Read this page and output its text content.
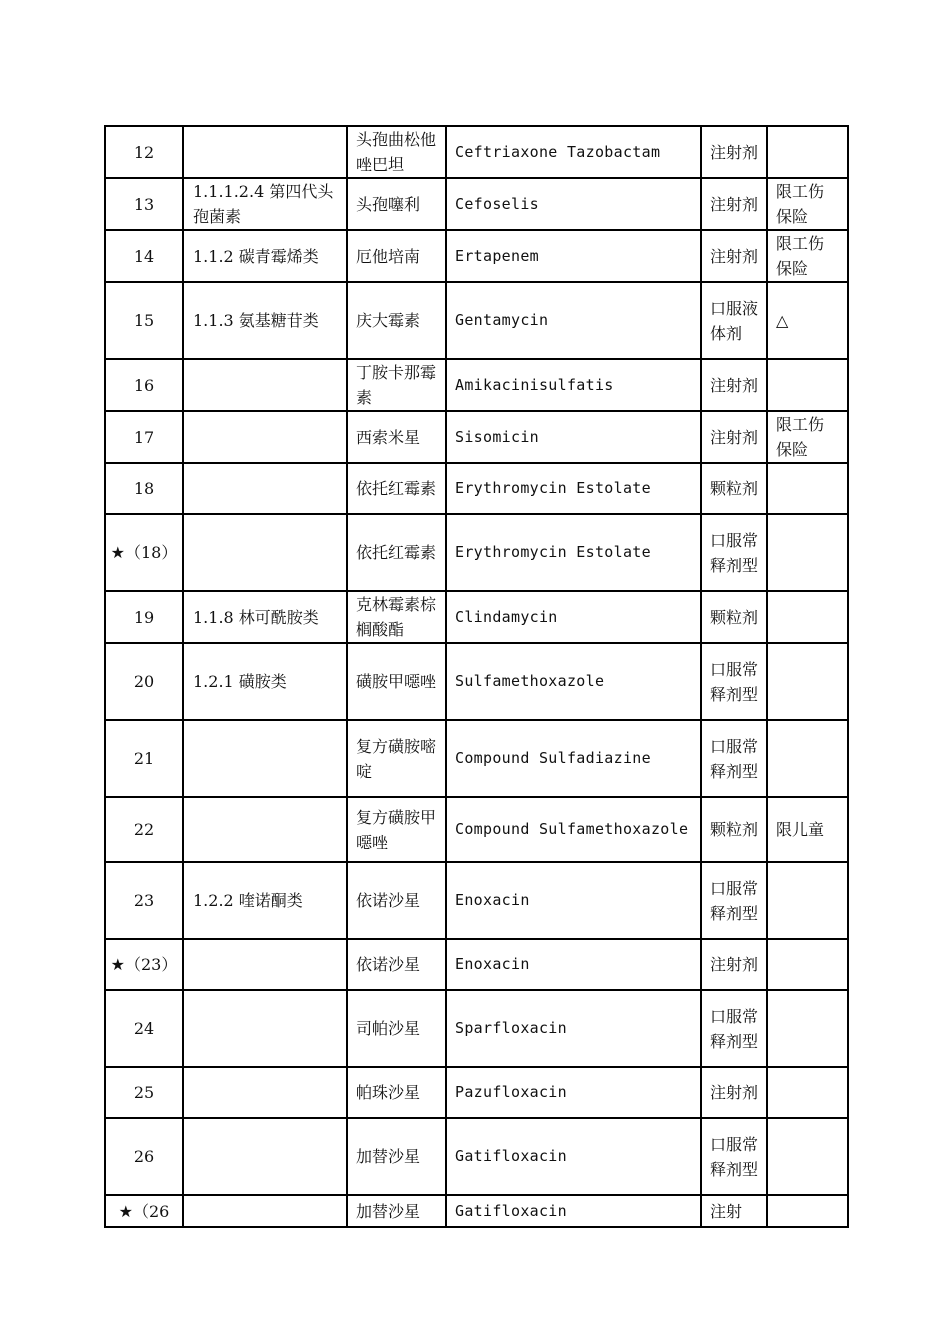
12		头孢曲松他唑巴坦	Ceftriaxone Tazobactam	注射剂	
13	1.1.1.2.4 第四代头孢菌素	头孢噻利	Cefoselis	注射剂	限工伤保险
14	1.1.2 碳青霉烯类	厄他培南	Ertapenem	注射剂	限工伤保险
15	1.1.3 氨基糖苷类	庆大霉素	Gentamycin	口服液体剂	△
16		丁胺卡那霉素	Amikacinisulfatis	注射剂	
17		西索米星	Sisomicin	注射剂	限工伤保险
18		依托红霉素	Erythromycin Estolate	颗粒剂	
★（18）		依托红霉素	Erythromycin Estolate	口服常释剂型	
19	1.1.8 林可酰胺类	克林霉素棕榈酸酯	Clindamycin	颗粒剂	
20	1.2.1 磺胺类	磺胺甲噁唑	Sulfamethoxazole	口服常释剂型	
21		复方磺胺嘧啶	Compound Sulfadiazine	口服常释剂型	
22		复方磺胺甲噁唑	Compound Sulfamethoxazole	颗粒剂	限儿童
23	1.2.2 喹诺酮类	依诺沙星	Enoxacin	口服常释剂型	
★（23）		依诺沙星	Enoxacin	注射剂	
24		司帕沙星	Sparfloxacin	口服常释剂型	
25		帕珠沙星	Pazufloxacin	注射剂	
26		加替沙星	Gatifloxacin	口服常释剂型	
★（26		加替沙星	Gatifloxacin	注射	
